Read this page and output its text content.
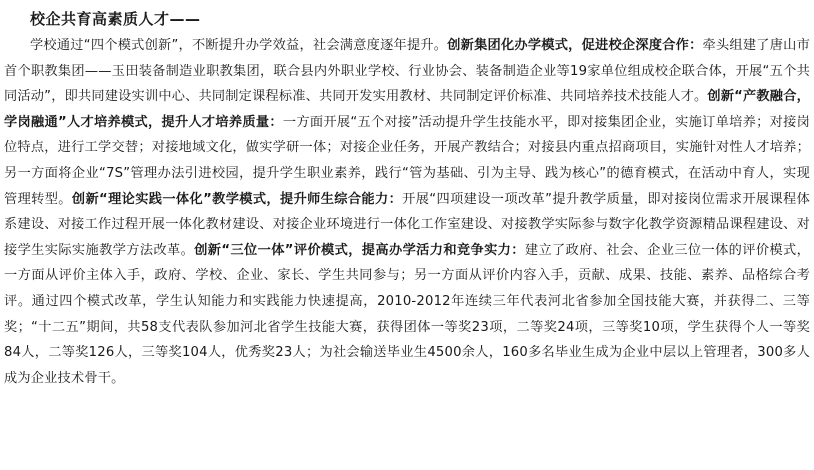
校企共育高素质人才——

学校通过“四个模式创新”，不断提升办学效益，社会满意度逐年提升。创新集团化办学模式，促进校企深度合作：牵头组建了唐山市首个职教集团——玉田装备制造业职教集团，联合县内外职业学校、行业协会、装备制造企业等19家单位组成校企联合体，开展“五个共同活动”，即共同建设实训中心、共同制定课程标准、共同开发实用教材、共同制定评价标准、共同培养技术技能人才。创新“产教融合，学岗融通”人才培养模式，提升人才培养质量：一方面开展“五个对接”活动提升学生技能水平，即对接集团企业，实施订单培养；对接岗位特点，进行工学交替；对接地域文化，做实学研一体；对接企业任务，开展产教结合；对接县内重点招商项目，实施针对性人才培养；另一方面将企业“7S”管理办法引进校园，提升学生职业素养，践行“管为基础、引为主导、践为核心”的德育模式，在活动中育人，实现管理转型。创新“理论实践一体化”教学模式，提升师生综合能力：开展“四项建设一项改革”提升教学质量，即对接岗位需求开展课程体系建设、对接工作过程开展一体化教材建设、对接企业环境进行一体化工作室建设、对接教学实际参与数字化教学资源精品课程建设、对接学生实际实施教学方法改革。创新“三位一体”评价模式，提高办学活力和竞争实力：建立了政府、社会、企业三位一体的评价模式，一方面从评价主体入手，政府、学校、企业、家长、学生共同参与；另一方面从评价内容入手，贡献、成果、技能、素养、品格综合考评。通过四个模式改革，学生认知能力和实践能力快速提高，2010-2012年连续三年代表河北省参加全国技能大赛，并获得二、三等奖；“十二五”期间，共58支代表队参加河北省学生技能大赛，获得团体一等奖23项，二等奖24项，三等奖10项，学生获得个人一等奖84人，二等奖126人，三等奖104人，优秀奖23人；为社会输送毕业生4500余人，160多名毕业生成为企业中层以上管理者，300多人成为企业技术骨干。
